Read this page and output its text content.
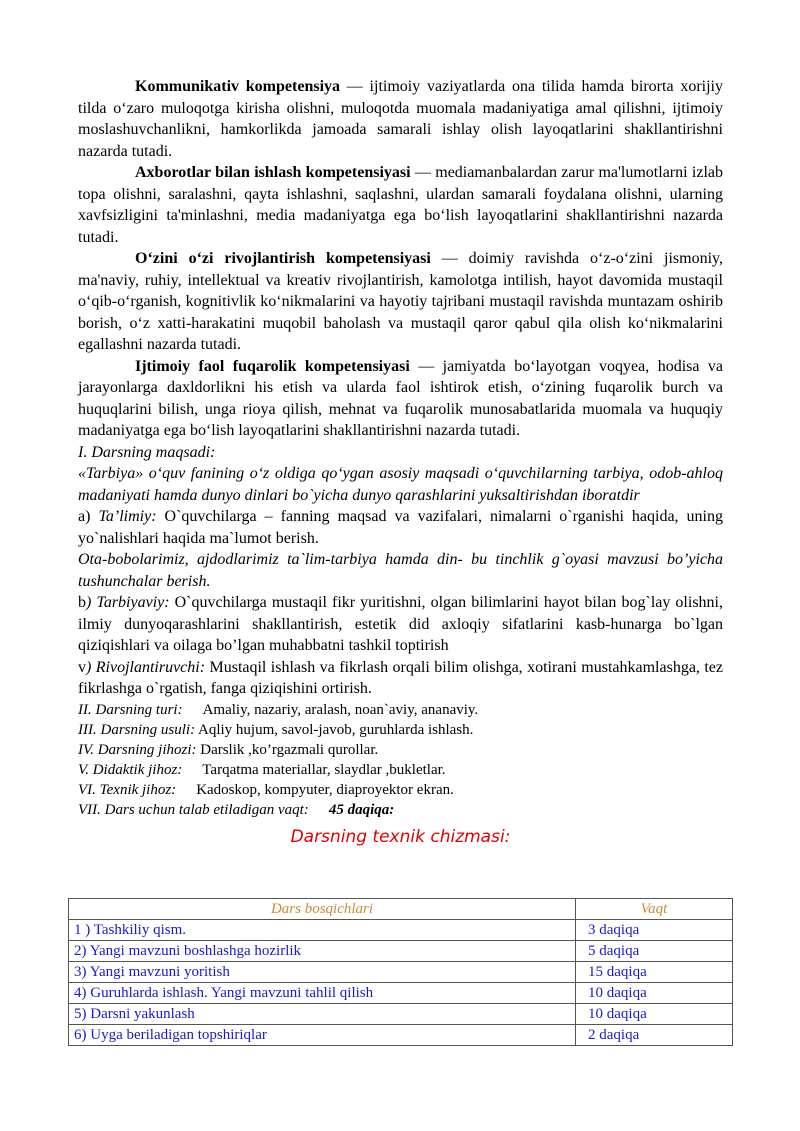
Kommunikativ kompetensiya — ijtimoiy vaziyatlarda ona tilida hamda birorta xorijiy tilda o‘zaro muloqotga kirisha olishni, muloqotda muomala madaniyatiga amal qilishni, ijtimoiy moslashuvchanlikni, hamkorlikda jamoada samarali ishlay olish layoqatlarini shakllantirishni nazarda tutadi.

Axborotlar bilan ishlash kompetensiyasi — mediamanbalardan zarur ma'lumotlarni izlab topa olishni, saralashni, qayta ishlashni, saqlashni, ulardan samarali foydalana olishni, ularning xavfsizligini ta'minlashni, media madaniyatga ega bo‘lish layoqatlarini shakllantirishni nazarda tutadi.

O‘zini o‘zi rivojlantirish kompetensiyasi — doimiy ravishda o‘z-o‘zini jismoniy, ma'naviy, ruhiy, intellektual va kreativ rivojlantirish, kamolotga intilish, hayot davomida mustaqil o‘qib-o‘rganish, kognitivlik ko‘nikmalarini va hayotiy tajribani mustaqil ravishda muntazam oshirib borish, o‘z xatti-harakatini muqobil baholash va mustaqil qaror qabul qila olish ko‘nikmalarini egallashni nazarda tutadi.

Ijtimoiy faol fuqarolik kompetensiyasi — jamiyatda bo‘layotgan voqyea, hodisa va jarayonlarga daxldorlikni his etish va ularda faol ishtirok etish, o‘zining fuqarolik burch va huquqlarini bilish, unga rioya qilish, mehnat va fuqarolik munosabatlarida muomala va huquqiy madaniyatga ega bo‘lish layoqatlarini shakllantirishni nazarda tutadi.

I. Darsning maqsadi:

«Tarbiya» o‘quv fanining o‘z oldiga qo‘ygan asosiy maqsadi o‘quvchilarning tarbiya, odob-ahloq madaniyati hamda dunyo dinlari bo`yicha dunyo qarashlarini yuksaltirishdan iboratdir

a) Ta’limiy: O`quvchilarga – fanning maqsad va vazifalari, nimalarni o`rganishi haqida, uning yo`nalishlari haqida ma`lumot berish.

Ota-bobolarimiz, ajdodlarimiz ta`lim-tarbiya hamda din- bu tinchlik g`oyasi mavzusi bo’yicha tushunchalar berish.

b) Tarbiyaviy: O`quvchilarga mustaqil fikr yuritishni, olgan bilimlarini hayot bilan bog`lay olishni, ilmiy dunyoqarashlarini shakllantirish, estetik did axloqiy sifatlarini kasb-hunarga bo`lgan qiziqishlari va oilaga bo’lgan muhabbatni tashkil toptirish

v) Rivojlantiruvchi: Mustaqil ishlash va fikrlash orqali bilim olishga, xotirani mustahkamlashga, tez fikrlashga o`rgatish, fanga qiziqishini ortirish.

II. Darsning turi: Amaliy, nazariy, aralash, noan`aviy, ananaviy.

III. Darsning usuli: Aqliy hujum, savol-javob, guruhlarda ishlash.

IV. Darsning jihozi: Darslik ,ko’rgazmali qurollar.

V. Didaktik jihoz: Tarqatma materiallar, slaydlar ,bukletlar.

VI. Texnik jihoz: Kadoskop, kompyuter, diaproyektor ekran.

VII. Dars uchun talab etiladigan vaqt: 45 daqiqa:

Darsning texnik chizmasi:

Dars bosqichlari	Vaqt
1 ) Tashkiliy qism.	3 daqiqa
2) Yangi mavzuni boshlashga hozirlik	5 daqiqa
3) Yangi mavzuni yoritish	15 daqiqa
4) Guruhlarda ishlash. Yangi mavzuni tahlil qilish	10 daqiqa
5) Darsni yakunlash	10 daqiqa
6) Uyga beriladigan topshiriqlar	2 daqiqa
